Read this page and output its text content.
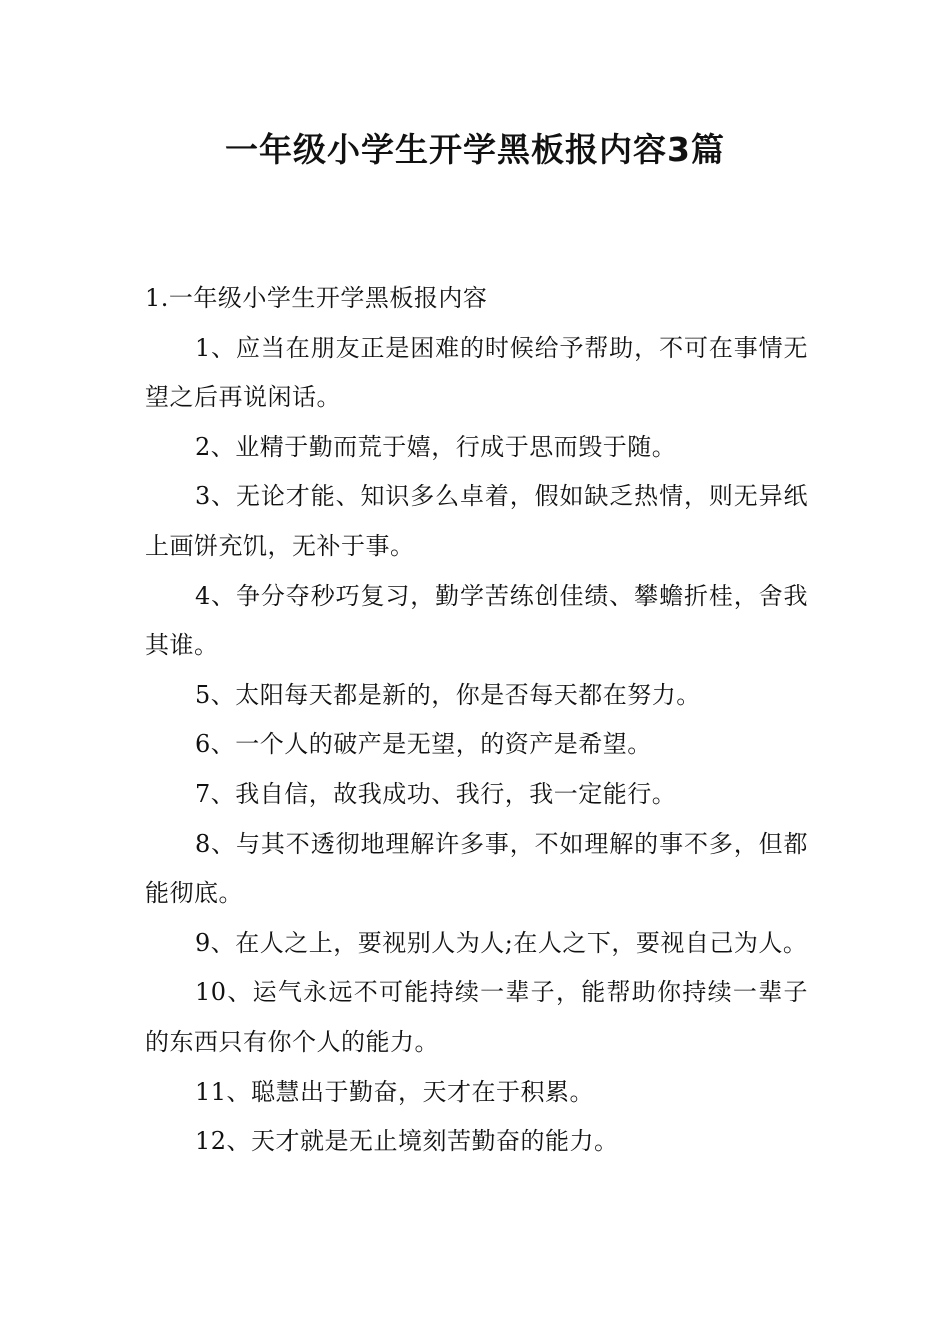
一年级小学生开学黑板报内容3篇

1.一年级小学生开学黑板报内容

1、应当在朋友正是困难的时候给予帮助，不可在事情无望之后再说闲话。

2、业精于勤而荒于嬉，行成于思而毁于随。

3、无论才能、知识多么卓着，假如缺乏热情，则无异纸上画饼充饥，无补于事。

4、争分夺秒巧复习，勤学苦练创佳绩、攀蟾折桂，舍我其谁。

5、太阳每天都是新的，你是否每天都在努力。

6、一个人的破产是无望，的资产是希望。

7、我自信，故我成功、我行，我一定能行。

8、与其不透彻地理解许多事，不如理解的事不多，但都能彻底。

9、在人之上，要视别人为人;在人之下，要视自己为人。

10、运气永远不可能持续一辈子，能帮助你持续一辈子的东西只有你个人的能力。

11、聪慧出于勤奋，天才在于积累。

12、天才就是无止境刻苦勤奋的能力。
